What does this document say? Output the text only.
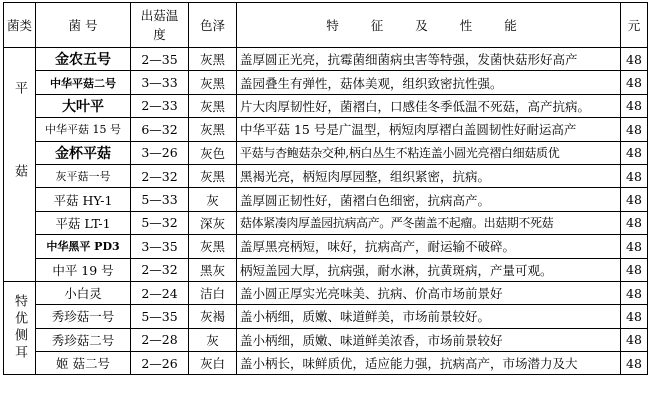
菌类	菌 号	出菇温度	色泽	特 征 及 性 能	元
平菇	金农五号	2—35	灰黑	盖厚圆正光亮，抗霉菌细菌病虫害等特强，发菌快菇形好高产	48
	中华平菇二号	3—33	灰黑	盖园叠生有弹性，菇体美观，组织致密抗性强。	48
	大叶平	2—33	灰黑	片大肉厚韧性好，菌褶白，口感佳冬季低温不死菇，高产抗病。	48
	中华平菇 15 号	6—32	灰黑	中华平菇 15 号是广温型，柄短肉厚褶白盖圆韧性好耐运高产	48
	金杯平菇	3—26	灰色	平菇与杏鲍菇杂交种,柄白丛生不粘连盖小圆光亮褶白细菇质优	48
	灰平菇一号	2—32	灰黑	黑褐光亮，柄短肉厚园整，组织紧密，抗病。	48
	平菇 HY-1	5—33	灰	盖厚圆正韧性好，菌褶白色细密，抗病高产。	48
	平菇 LT-1	5—32	深灰	菇体紧凑肉厚盖园抗病高产。严冬菌盖不起瘤。出菇期不死菇	48
	中华黑平 PD3	3—35	灰黑	盖厚黑亮柄短，味好，抗病高产，耐运输不破碎。	48
	中平 19 号	2—32	黑灰	柄短盖园大厚，抗病强，耐水淋，抗黄斑病，产量可观。	48
特优侧耳	小白灵	2—24	洁白	盖小圆正厚实光亮味美、抗病、价高市场前景好	48
	秀珍菇一号	5—35	灰褐	盖小柄细，质嫩、味道鲜美，市场前景较好。	48
	秀珍菇二号	2—28	灰	盖小柄细，质嫩、味道鲜美浓香，市场前景较好	48
	姬 菇二号	2—26	灰白	盖小柄长，味鲜质优，适应能力强，抗病高产，市场潜力及大	48
